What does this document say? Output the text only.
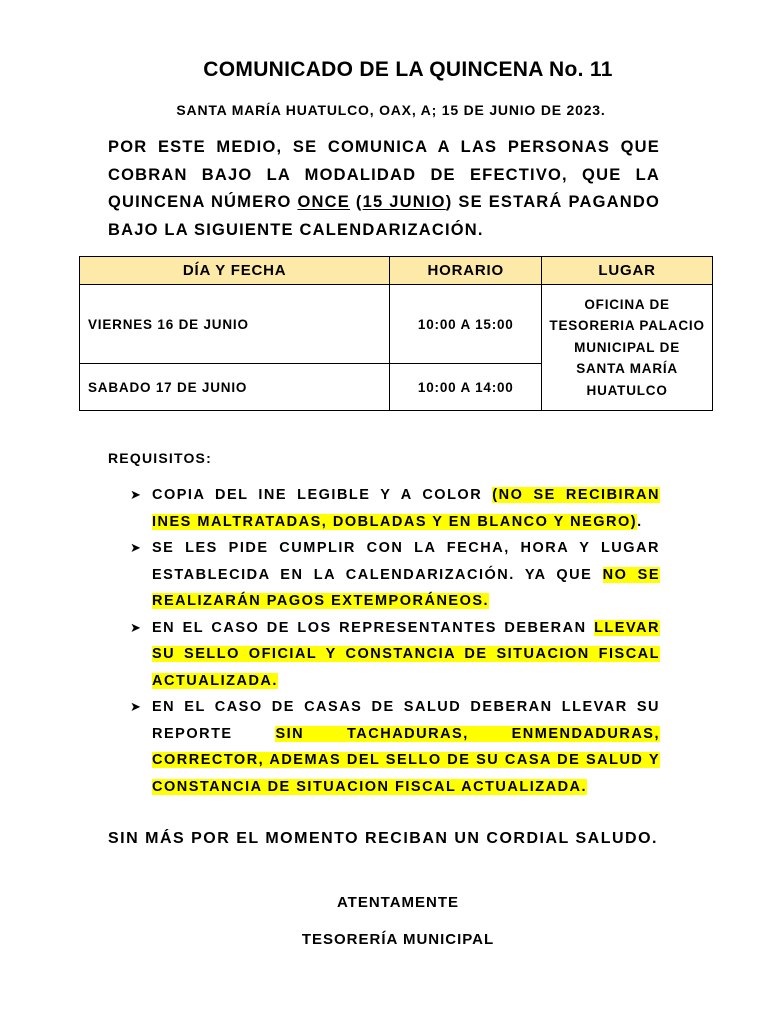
COMUNICADO DE LA QUINCENA No. 11
SANTA MARÍA HUATULCO, OAX, A; 15 DE JUNIO DE 2023.
POR ESTE MEDIO, SE COMUNICA A LAS PERSONAS QUE COBRAN BAJO LA MODALIDAD DE EFECTIVO, QUE LA QUINCENA NÚMERO ONCE (15 JUNIO) SE ESTARÁ PAGANDO BAJO LA SIGUIENTE CALENDARIZACIÓN.
DÍA Y FECHA	HORARIO	LUGAR
VIERNES 16 DE JUNIO	10:00 A 15:00	OFICINA DE TESORERIA PALACIO MUNICIPAL DE SANTA MARÍA HUATULCO
SABADO 17 DE JUNIO	10:00 A 14:00	
REQUISITOS:
➤ COPIA DEL INE LEGIBLE Y A COLOR (NO SE RECIBIRAN INES MALTRATADAS, DOBLADAS Y EN BLANCO Y NEGRO).
➤ SE LES PIDE CUMPLIR CON LA FECHA, HORA Y LUGAR ESTABLECIDA EN LA CALENDARIZACIÓN. YA QUE NO SE REALIZARÁN PAGOS EXTEMPORÁNEOS.
➤ EN EL CASO DE LOS REPRESENTANTES DEBERAN LLEVAR SU SELLO OFICIAL Y CONSTANCIA DE SITUACION FISCAL ACTUALIZADA.
➤ EN EL CASO DE CASAS DE SALUD DEBERAN LLEVAR SU REPORTE SIN TACHADURAS, ENMENDADURAS, CORRECTOR, ADEMAS DEL SELLO DE SU CASA DE SALUD Y CONSTANCIA DE SITUACION FISCAL ACTUALIZADA.
SIN MÁS POR EL MOMENTO RECIBAN UN CORDIAL SALUDO.
ATENTAMENTE
TESORERÍA MUNICIPAL
